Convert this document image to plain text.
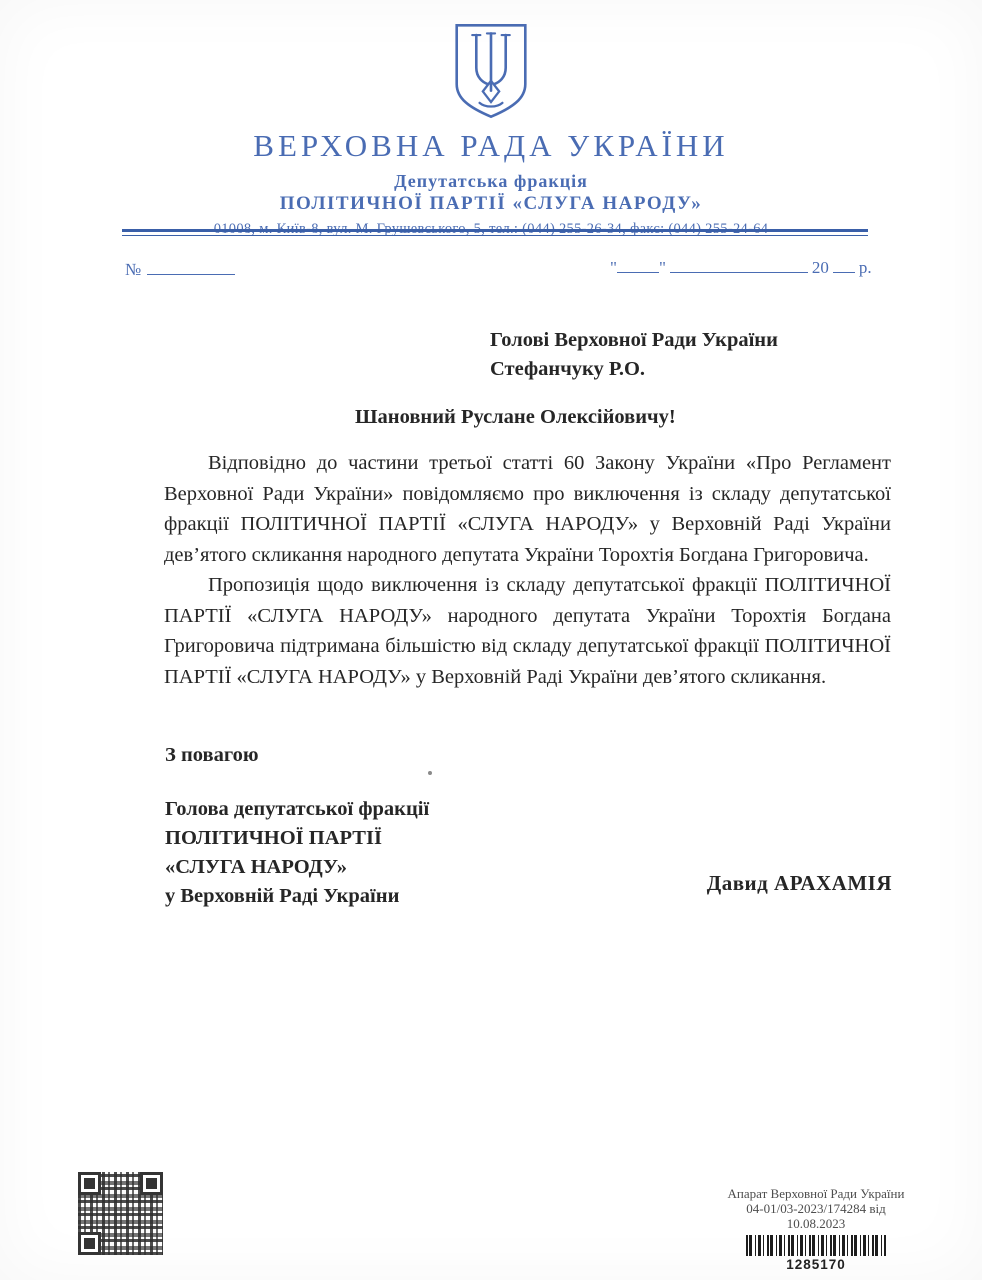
ВЕРХОВНА РАДА УКРАЇНИ
Депутатська фракція
ПОЛІТИЧНОЇ ПАРТІЇ «СЛУГА НАРОДУ»
01008, м. Київ-8, вул. М. Грушевського, 5, тел.: (044) 255-26-34, факс: (044) 255-24-64
№	" "	20 р.
Голові Верховної Ради України
Стефанчуку Р.О.
Шановний Руслане Олексійовичу!

Відповідно до частини третьої статті 60 Закону України «Про Регламент Верховної Ради України» повідомляємо про виключення із складу депутатської фракції ПОЛІТИЧНОЇ ПАРТІЇ «СЛУГА НАРОДУ» у Верховній Раді України дев’ятого скликання народного депутата України Торохтія Богдана Григоровича.

Пропозиція щодо виключення із складу депутатської фракції ПОЛІТИЧНОЇ ПАРТІЇ «СЛУГА НАРОДУ» народного депутата України Торохтія Богдана Григоровича підтримана більшістю від складу депутатської фракції ПОЛІТИЧНОЇ ПАРТІЇ «СЛУГА НАРОДУ» у Верховній Раді України дев’ятого скликання.

З повагою
Голова депутатської фракції
ПОЛІТИЧНОЇ ПАРТІЇ
«СЛУГА НАРОДУ»
у Верховній Раді України
Давид АРАХАМІЯ
Апарат Верховної Ради України
04-01/03-2023/174284 від 10.08.2023
1285170
